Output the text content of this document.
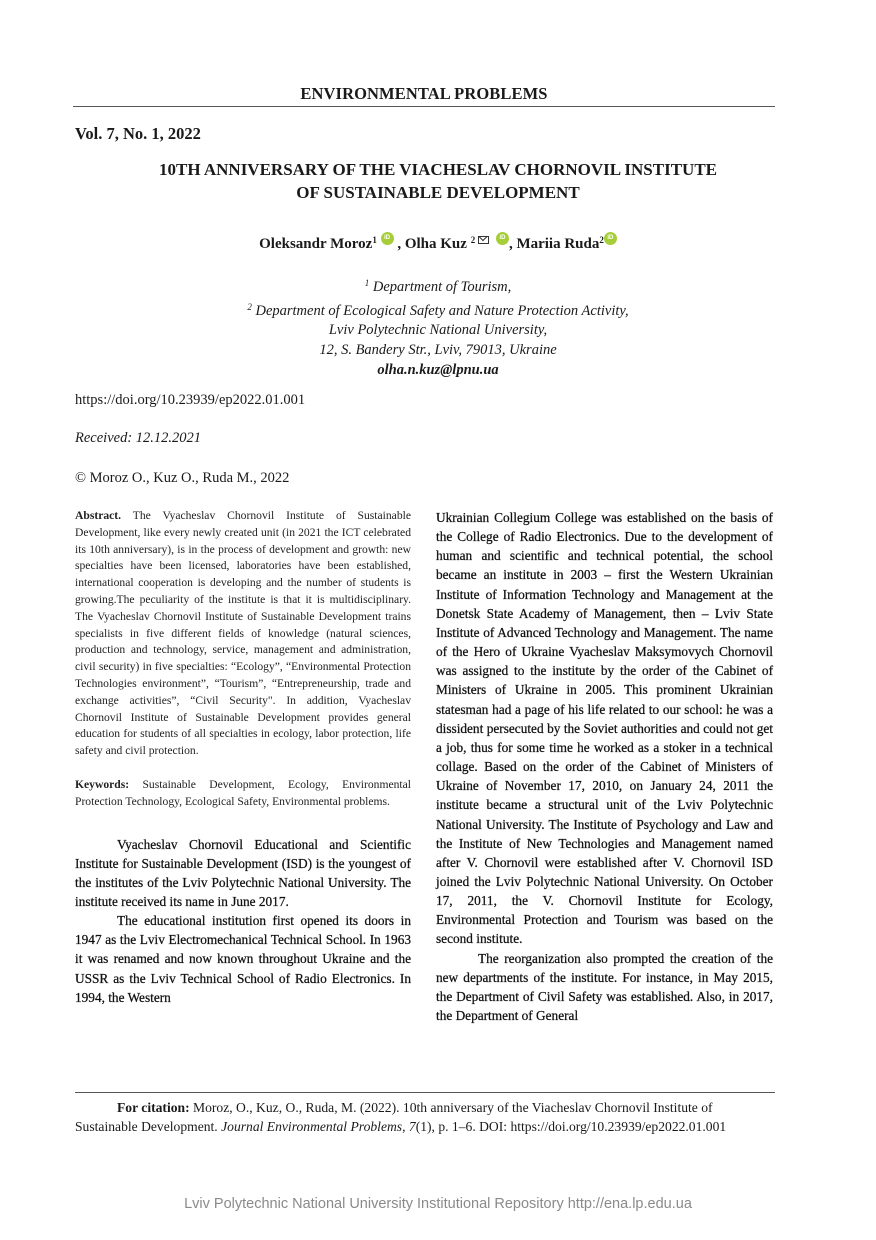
ENVIRONMENTAL PROBLEMS
Vol. 7, No. 1, 2022
10TH ANNIVERSARY OF THE VIACHESLAV CHORNOVIL INSTITUTE
OF SUSTAINABLE DEVELOPMENT
Oleksandr Moroz$^1$ iD , Olha Kuz $^2$	iD , Mariia Ruda$^2$ iD
$^1$ Department of Tourism,
$^2$ Department of Ecological Safety and Nature Protection Activity,
Lviv Polytechnic National University,
12, S. Bandery Str., Lviv, 79013, Ukraine
olha.n.kuz@lpnu.ua
https://doi.org/10.23939/ep2022.01.001
Received: 12.12.2021
© Moroz O., Kuz O., Ruda M., 2022

Abstract. The Vyacheslav Chornovil Institute of Sustainable Development, like every newly created unit (in 2021 the ICT celebrated its 10th anniversary), is in the process of development and growth: new specialties have been licensed, laboratories have been established, international cooperation is developing and the number of students is growing.The peculiarity of the institute is that it is multidisciplinary. The Vyacheslav Chornovil Institute of Sustainable Development trains specialists in five different fields of knowledge (natural sciences, production and technology, service, management and administration, civil security) in five specialties: “Ecology”, “Environmental Protection Technologies environment”, “Tourism”, “Entrepreneurship, trade and exchange activities”, “Civil Security". In addition, Vyacheslav Chornovil Institute of Sustainable Development provides general education for students of all specialties in ecology, labor protection, life safety and civil protection.

Keywords: Sustainable Development, Ecology, Environmental Protection Technology, Ecological Safety, Environmental problems.

Vyacheslav Chornovil Educational and Scientific Institute for Sustainable Development (ISD) is the youngest of the institutes of the Lviv Polytechnic National University. The institute received its name in June 2017.

The educational institution first opened its doors in 1947 as the Lviv Electromechanical Technical School. In 1963 it was renamed and now known throughout Ukraine and the USSR as the Lviv Technical School of Radio Electronics. In 1994, the Western

Ukrainian Collegium College was established on the basis of the College of Radio Electronics. Due to the development of human and scientific and technical potential, the school became an institute in 2003 – first the Western Ukrainian Institute of Information Technology and Management at the Donetsk State Academy of Management, then – Lviv State Institute of Advanced Technology and Management. The name of the Hero of Ukraine Vyacheslav Maksymovych Chornovil was assigned to the institute by the order of the Cabinet of Ministers of Ukraine in 2005. This prominent Ukrainian statesman had a page of his life related to our school: he was a dissident persecuted by the Soviet authorities and could not get a job, thus for some time he worked as a stoker in a technical collage. Based on the order of the Cabinet of Ministers of Ukraine of November 17, 2010, on January 24, 2011 the institute became a structural unit of the Lviv Polytechnic National University. The Institute of Psychology and Law and the Institute of New Technologies and Management named after V. Chornovil were established after V. Chornovil ISD joined the Lviv Polytechnic National University. On October 17, 2011, the V. Chornovil Institute for Ecology, Environmental Protection and Tourism was based on the second institute.

The reorganization also prompted the creation of the new departments of the institute. For instance, in May 2015, the Department of Civil Safety was established. Also, in 2017, the Department of General

For citation: Moroz, O., Kuz, O., Ruda, M. (2022). 10th anniversary of the Viacheslav Chornovil Institute of Sustainable Development. Journal Environmental Problems, 7(1), p. 1–6. DOI: https://doi.org/10.23939/ep2022.01.001
Lviv Polytechnic National University Institutional Repository http://ena.lp.edu.ua
